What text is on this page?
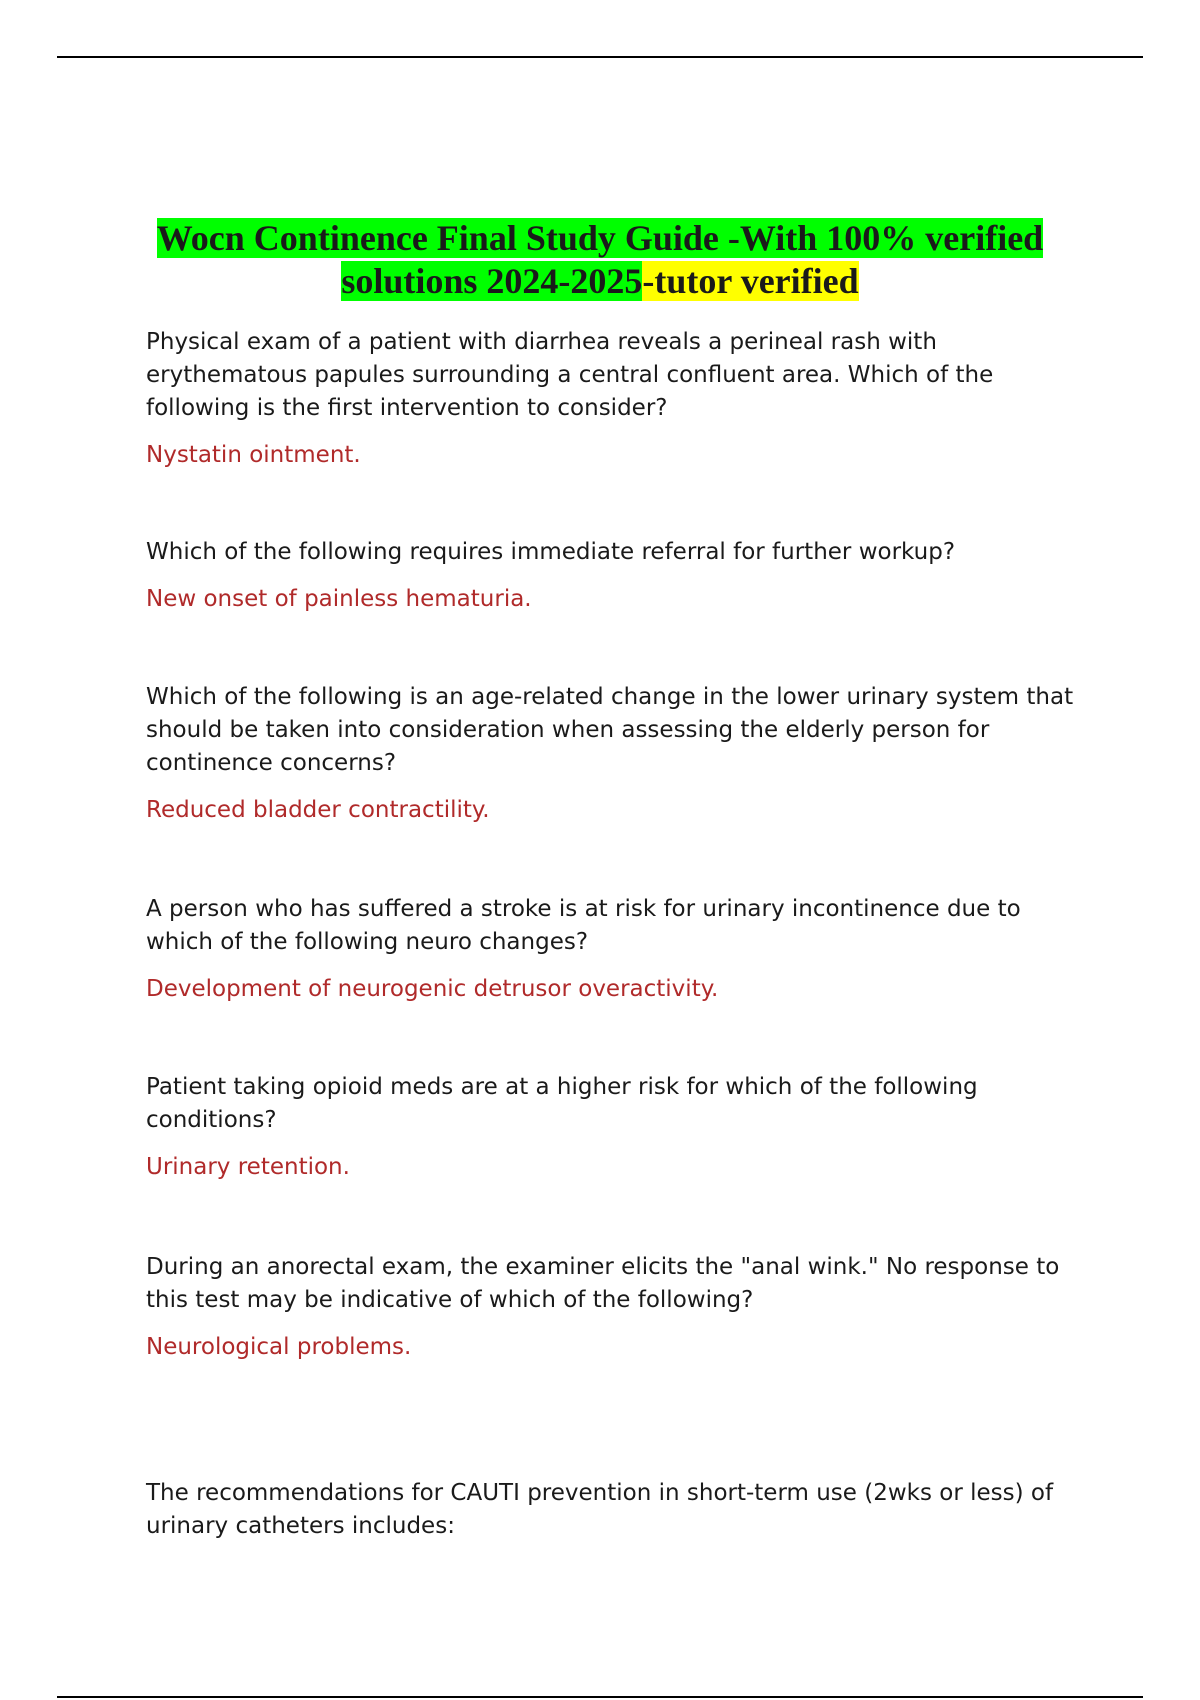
Wocn Continence Final Study Guide -With 100% verified solutions 2024-2025-tutor verified

Physical exam of a patient with diarrhea reveals a perineal rash with erythematous papules surrounding a central confluent area. Which of the following is the first intervention to consider?

Nystatin ointment.

Which of the following requires immediate referral for further workup?

New onset of painless hematuria.

Which of the following is an age-related change in the lower urinary system that should be taken into consideration when assessing the elderly person for continence concerns?

Reduced bladder contractility.

A person who has suffered a stroke is at risk for urinary incontinence due to which of the following neuro changes?

Development of neurogenic detrusor overactivity.

Patient taking opioid meds are at a higher risk for which of the following conditions?

Urinary retention.

During an anorectal exam, the examiner elicits the "anal wink." No response to this test may be indicative of which of the following?

Neurological problems.

The recommendations for CAUTI prevention in short-term use (2wks or less) of urinary catheters includes:
